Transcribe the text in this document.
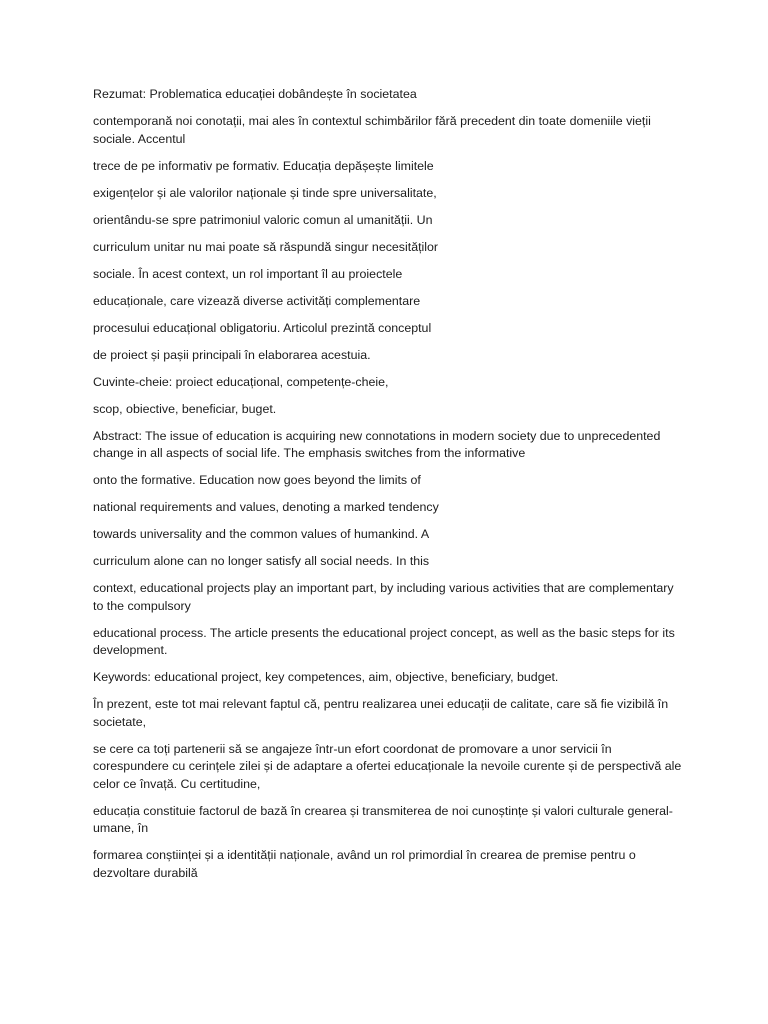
Rezumat: Problematica educației dobândește în societatea

contemporană noi conotații, mai ales în contextul schimbărilor fără precedent din toate domeniile vieții sociale. Accentul

trece de pe informativ pe formativ. Educația depășește limitele

exigențelor și ale valorilor naționale și tinde spre universalitate,

orientându-se spre patrimoniul valoric comun al umanității. Un

curriculum unitar nu mai poate să răspundă singur necesităților

sociale. În acest context, un rol important îl au proiectele

educaționale, care vizează diverse activități complementare

procesului educațional obligatoriu. Articolul prezintă conceptul

de proiect și pașii principali în elaborarea acestuia.

Cuvinte-cheie: proiect educațional, competențe-cheie,

scop, obiective, beneficiar, buget.

Abstract: The issue of education is acquiring new connotations in modern society due to unprecedented change in all aspects of social life. The emphasis switches from the informative

onto the formative. Education now goes beyond the limits of

national requirements and values, denoting a marked tendency

towards universality and the common values of humankind. A

curriculum alone can no longer satisfy all social needs. In this

context, educational projects play an important part, by including various activities that are complementary to the compulsory

educational process. The article presents the educational project concept, as well as the basic steps for its development.

Keywords: educational project, key competences, aim, objective, beneficiary, budget.

În prezent, este tot mai relevant faptul că, pentru realizarea unei educații de calitate, care să fie vizibilă în societate,

se cere ca toți partenerii să se angajeze într-un efort coordonat de promovare a unor servicii în corespundere cu cerințele zilei și de adaptare a ofertei educaționale la nevoile curente și de perspectivă ale celor ce învață. Cu certitudine,

educația constituie factorul de bază în crearea și transmiterea de noi cunoștințe și valori culturale general-umane, în

formarea conștiinței și a identității naționale, având un rol primordial în crearea de premise pentru o dezvoltare durabilă
